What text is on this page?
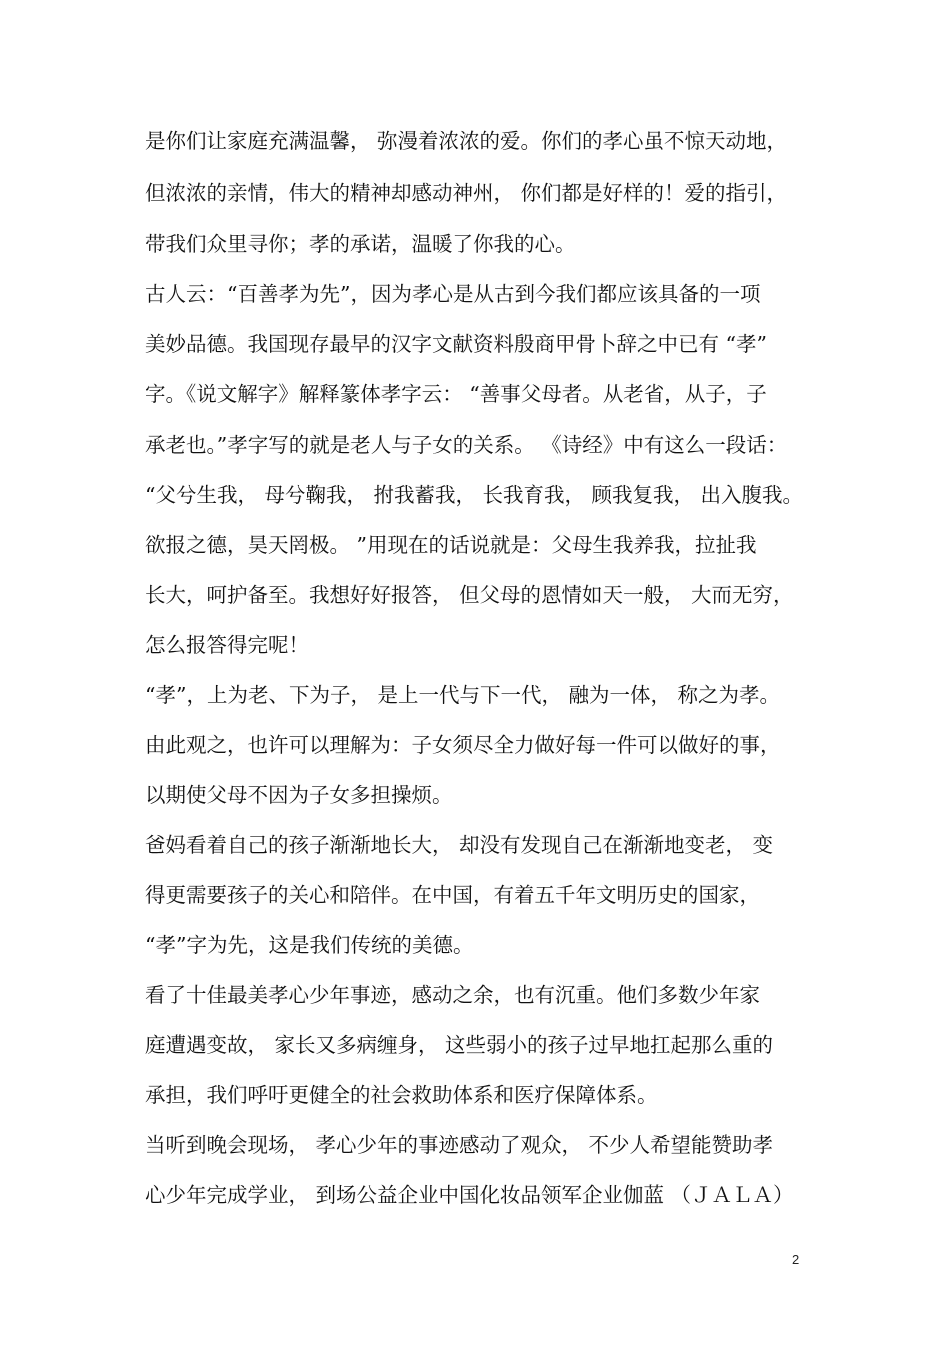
是你们让家庭充满温馨， 弥漫着浓浓的爱。你们的孝心虽不惊天动地，
但浓浓的亲情，伟大的精神却感动神州， 你们都是好样的！爱的指引，
带我们众里寻你；孝的承诺，温暖了你我的心。
古人云：“百善孝为先”，因为孝心是从古到今我们都应该具备的一项
美妙品德。我国现存最早的汉字文献资料殷商甲骨卜辞之中已有 “孝”
字。《说文解字》解释篆体孝字云： “善事父母者。从老省，从子，子
承老也。”孝字写的就是老人与子女的关系。 《诗经》中有这么一段话：
“父兮生我， 母兮鞠我， 拊我蓄我， 长我育我， 顾我复我， 出入腹我。
欲报之德，昊天罔极。 ”用现在的话说就是：父母生我养我，拉扯我
长大，呵护备至。我想好好报答， 但父母的恩情如天一般， 大而无穷，
怎么报答得完呢！
“孝”，上为老、下为子， 是上一代与下一代， 融为一体， 称之为孝。
由此观之，也许可以理解为：子女须尽全力做好每一件可以做好的事，
以期使父母不因为子女多担操烦。
爸妈看着自己的孩子渐渐地长大， 却没有发现自己在渐渐地变老， 变
得更需要孩子的关心和陪伴。在中国，有着五千年文明历史的国家，
“孝”字为先，这是我们传统的美德。
看了十佳最美孝心少年事迹，感动之余，也有沉重。他们多数少年家
庭遭遇变故， 家长又多病缠身， 这些弱小的孩子过早地扛起那么重的
承担，我们呼吁更健全的社会救助体系和医疗保障体系。
当听到晚会现场， 孝心少年的事迹感动了观众， 不少人希望能赞助孝
心少年完成学业， 到场公益企业中国化妆品领军企业伽蓝 （ＪＡＬＡ）
2
